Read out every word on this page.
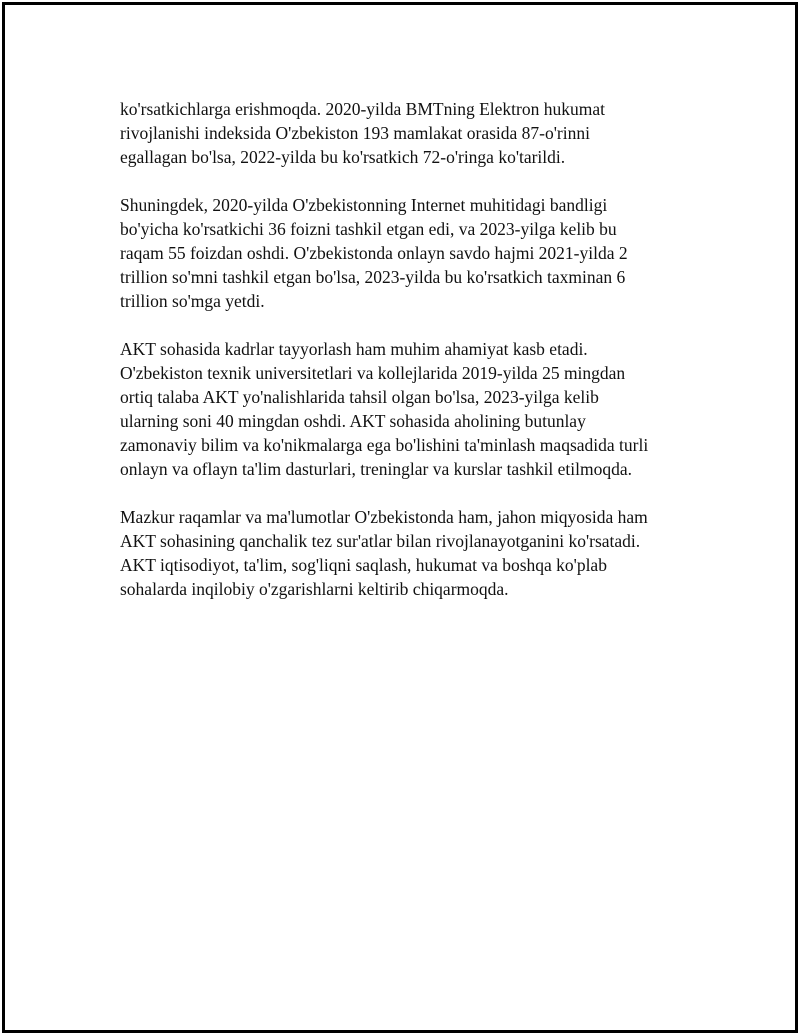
ko'rsatkichlarga erishmoqda. 2020-yilda BMTning Elektron hukumat
rivojlanishi indeksida O'zbekiston 193 mamlakat orasida 87-o'rinni
egallagan bo'lsa, 2022-yilda bu ko'rsatkich 72-o'ringa ko'tarildi.

Shuningdek, 2020-yilda O'zbekistonning Internet muhitidagi bandligi
bo'yicha ko'rsatkichi 36 foizni tashkil etgan edi, va 2023-yilga kelib bu
raqam 55 foizdan oshdi. O'zbekistonda onlayn savdo hajmi 2021-yilda 2
trillion so'mni tashkil etgan bo'lsa, 2023-yilda bu ko'rsatkich taxminan 6
trillion so'mga yetdi.

AKT sohasida kadrlar tayyorlash ham muhim ahamiyat kasb etadi.
O'zbekiston texnik universitetlari va kollejlarida 2019-yilda 25 mingdan
ortiq talaba AKT yo'nalishlarida tahsil olgan bo'lsa, 2023-yilga kelib
ularning soni 40 mingdan oshdi. AKT sohasida aholining butunlay
zamonaviy bilim va ko'nikmalarga ega bo'lishini ta'minlash maqsadida turli
onlayn va oflayn ta'lim dasturlari, treninglar va kurslar tashkil etilmoqda.

Mazkur raqamlar va ma'lumotlar O'zbekistonda ham, jahon miqyosida ham
AKT sohasining qanchalik tez sur'atlar bilan rivojlanayotganini ko'rsatadi.
AKT iqtisodiyot, ta'lim, sog'liqni saqlash, hukumat va boshqa ko'plab
sohalarda inqilobiy o'zgarishlarni keltirib chiqarmoqda.
